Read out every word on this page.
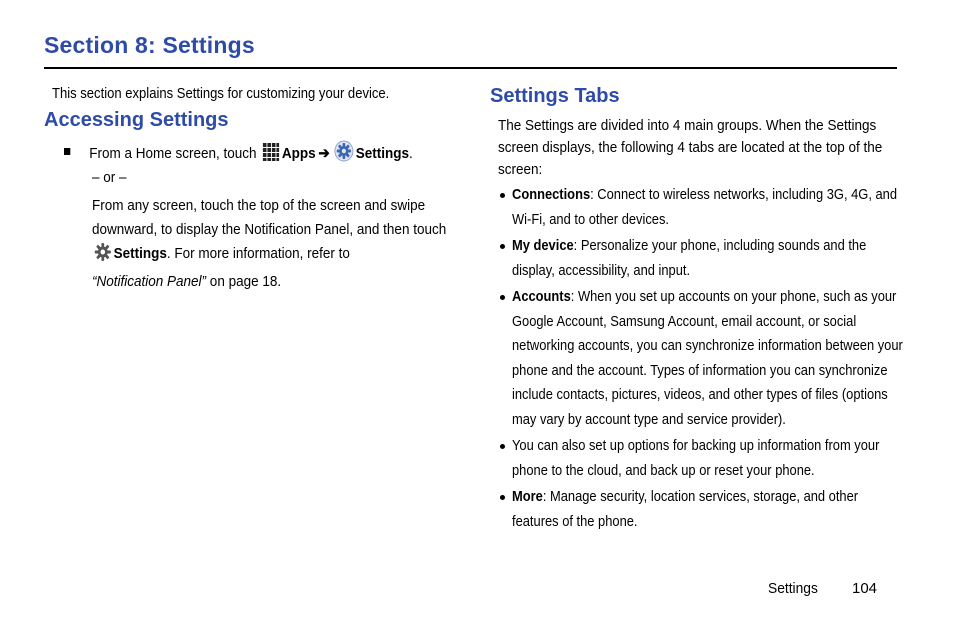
Section 8: Settings

This section explains Settings for customizing your device.

Accessing Settings
From a Home screen, touch Apps ➔ Settings.
– or –
From any screen, touch the top of the screen and swipe downward, to display the Notification Panel, and then touch Settings. For more information, refer to
“Notification Panel” on page 18.
Settings Tabs
The Settings are divided into 4 main groups. When the Settings screen displays, the following 4 tabs are located at the top of the screen:
Connections: Connect to wireless networks, including 3G, 4G, and Wi-Fi, and to other devices.
My device: Personalize your phone, including sounds and the display, accessibility, and input.
Accounts: When you set up accounts on your phone, such as your Google Account, Samsung Account, email account, or social networking accounts, you can synchronize information between your phone and the account. Types of information you can synchronize include contacts, pictures, videos, and other types of files (options may vary by account type and service provider).
You can also set up options for backing up information from your phone to the cloud, and back up or reset your phone.
More: Manage security, location services, storage, and other features of the phone.
Settings 104
